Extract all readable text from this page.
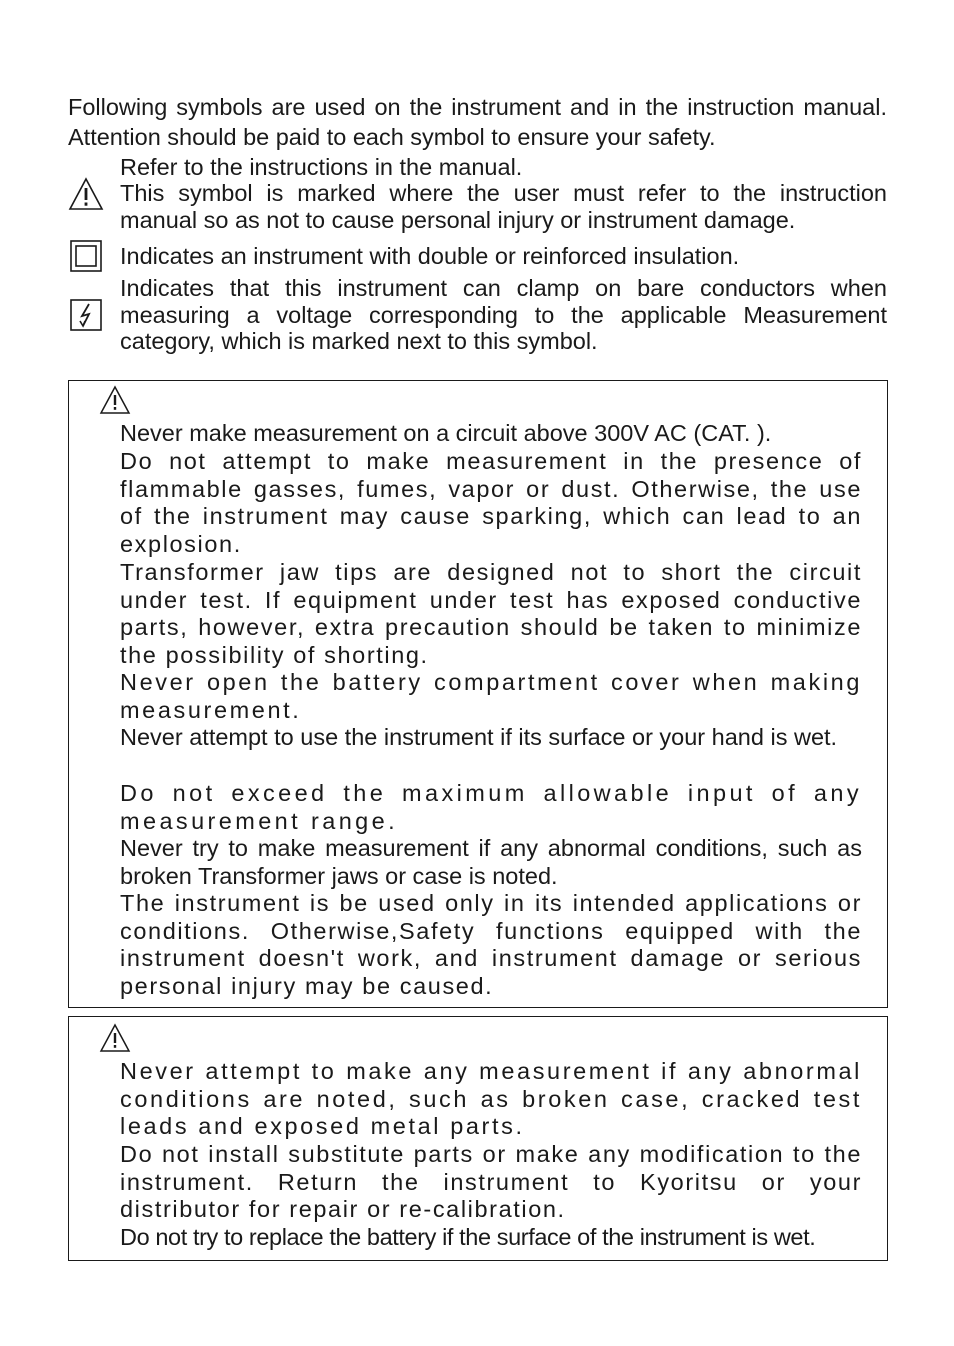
Following symbols are used on the instrument and in the instruction manual. Attention should be paid to each symbol to ensure your safety.

Refer to the instructions in the manual.

This symbol is marked where the user must refer to the instruction manual so as not to cause personal injury or instrument damage.

Indicates an instrument with double or reinforced insulation.

Indicates that this instrument can clamp on bare conductors when measuring a voltage corresponding to the applicable Measurement category, which is marked next to this symbol.

Never make measurement on a circuit above 300V AC (CAT. ).

Do not attempt to make measurement in the presence of flammable gasses, fumes, vapor or dust. Otherwise, the use of the instrument may cause sparking, which can lead to an explosion.

Transformer jaw tips are designed not to short the circuit under test. If equipment under test has exposed conductive parts, however, extra precaution should be taken to minimize the possibility of shorting.

Never open the battery compartment cover when making measurement.

Never attempt to use the instrument if its surface or your hand is wet.

Do not exceed the maximum allowable input of any measurement range.

Never try to make measurement if any abnormal conditions, such as broken Transformer jaws or case is noted.

The instrument is be used only in its intended applications or conditions. Otherwise,Safety functions equipped with the instrument doesn't work, and instrument damage or serious personal injury may be caused.

Never attempt to make any measurement if any abnormal conditions are noted, such as broken case, cracked test leads and exposed metal parts.

Do not install substitute parts or make any modification to the instrument. Return the instrument to Kyoritsu or your distributor for repair or re-calibration.

Do not try to replace the battery if the surface of the instrument is wet.
